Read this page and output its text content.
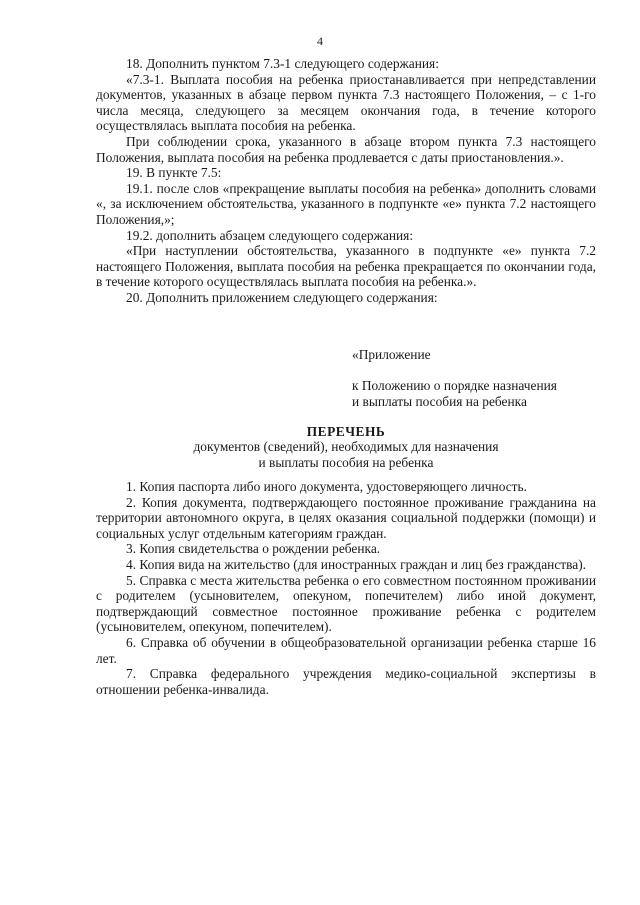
4

18. Дополнить пунктом 7.3-1 следующего содержания:

«7.3-1. Выплата пособия на ребенка приостанавливается при непредставлении документов, указанных в абзаце первом пункта 7.3 настоящего Положения, – с 1-го числа месяца, следующего за месяцем окончания года, в течение которого осуществлялась выплата пособия на ребенка.

При соблюдении срока, указанного в абзаце втором пункта 7.3 настоящего Положения, выплата пособия на ребенка продлевается с даты приостановления.».

19. В пункте 7.5:

19.1. после слов «прекращение выплаты пособия на ребенка» дополнить словами «, за исключением обстоятельства, указанного в подпункте «е» пункта 7.2 настоящего Положения,»;

19.2. дополнить абзацем следующего содержания:

«При наступлении обстоятельства, указанного в подпункте «е» пункта 7.2 настоящего Положения, выплата пособия на ребенка прекращается по окончании года, в течение которого осуществлялась выплата пособия на ребенка.».

20. Дополнить приложением следующего содержания:

«Приложение
к Положению о порядке назначения
и выплаты пособия на ребенка
ПЕРЕЧЕНЬ
документов (сведений), необходимых для назначения
и выплаты пособия на ребенка

1. Копия паспорта либо иного документа, удостоверяющего личность.

2. Копия документа, подтверждающего постоянное проживание гражданина на территории автономного округа, в целях оказания социальной поддержки (помощи) и социальных услуг отдельным категориям граждан.

3. Копия свидетельства о рождении ребенка.

4. Копия вида на жительство (для иностранных граждан и лиц без гражданства).

5. Справка с места жительства ребенка о его совместном постоянном проживании с родителем (усыновителем, опекуном, попечителем) либо иной документ, подтверждающий совместное постоянное проживание ребенка с родителем (усыновителем, опекуном, попечителем).

6. Справка об обучении в общеобразовательной организации ребенка старше 16 лет.

7. Справка федерального учреждения медико-социальной экспертизы в отношении ребенка-инвалида.
